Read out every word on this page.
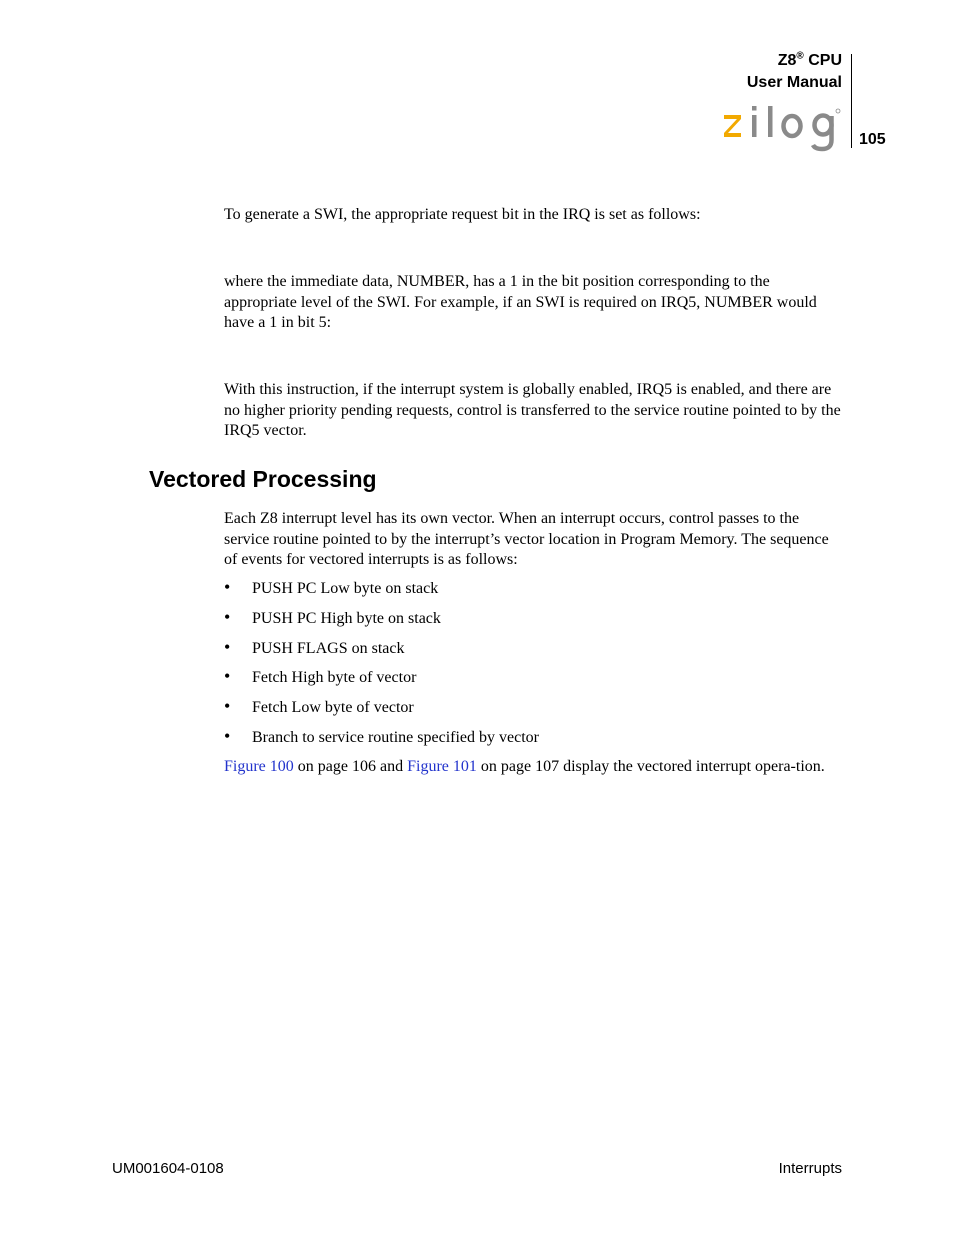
Z8® CPU
User Manual
105

To generate a SWI, the appropriate request bit in the IRQ is set as follows:

where the immediate data, NUMBER, has a 1 in the bit position corresponding to the appropriate level of the SWI. For example, if an SWI is required on IRQ5, NUMBER would have a 1 in bit 5:

With this instruction, if the interrupt system is globally enabled, IRQ5 is enabled, and there are no higher priority pending requests, control is transferred to the service routine pointed to by the IRQ5 vector.

Vectored Processing

Each Z8 interrupt level has its own vector. When an interrupt occurs, control passes to the service routine pointed to by the interrupt’s vector location in Program Memory. The sequence of events for vectored interrupts is as follows:

• PUSH PC Low byte on stack
• PUSH PC High byte on stack
• PUSH FLAGS on stack
• Fetch High byte of vector
• Fetch Low byte of vector
• Branch to service routine specified by vector

Figure 100 on page 106 and Figure 101 on page 107 display the vectored interrupt opera-tion.

UM001604-0108	Interrupts
